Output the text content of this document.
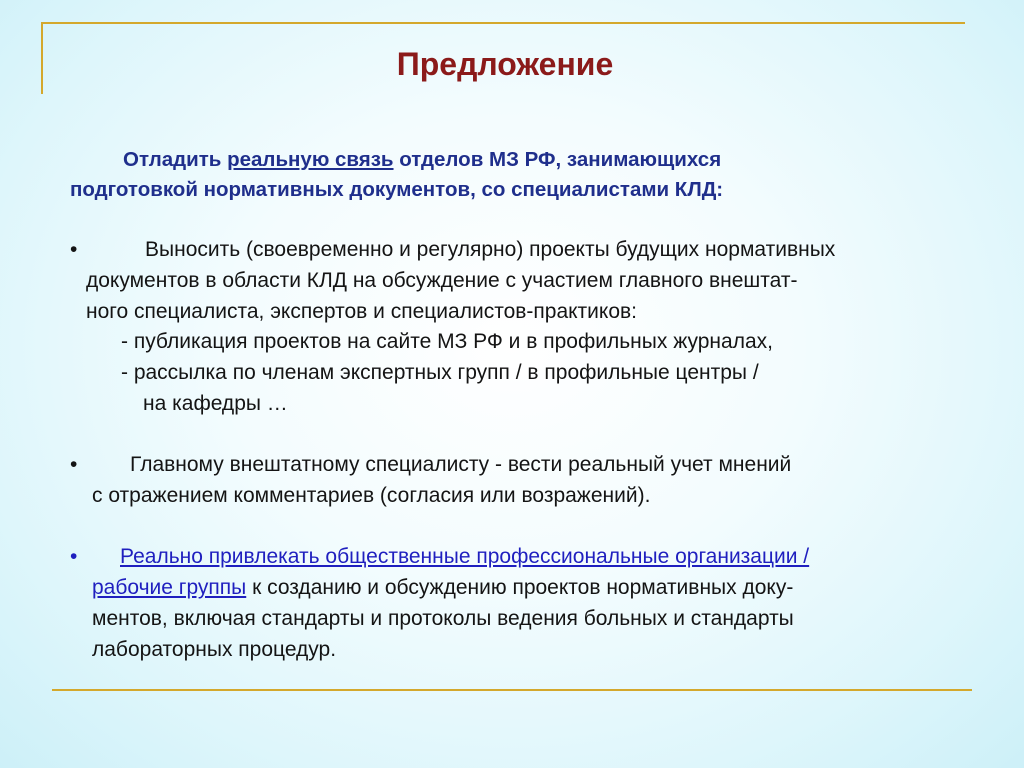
Предложение
Отладить реальную связь отделов МЗ РФ, занимающихся
подготовкой нормативных документов, со специалистами КЛД:
•	Выносить (своевременно и регулярно) проекты будущих нормативных
документов в области КЛД на обсуждение с участием главного внештат-
ного специалиста, экспертов и специалистов-практиков:
- публикация проектов на сайте МЗ РФ и в профильных журналах,
- рассылка по членам экспертных групп / в профильные центры /
на кафедры …
•	Главному внештатному специалисту - вести реальный учет мнений
с отражением комментариев (согласия или возражений).
• Реально привлекать общественные профессиональные организации /
рабочие группы к созданию и обсуждению проектов нормативных доку-
ментов, включая стандарты и протоколы ведения больных и стандарты
лабораторных процедур.
